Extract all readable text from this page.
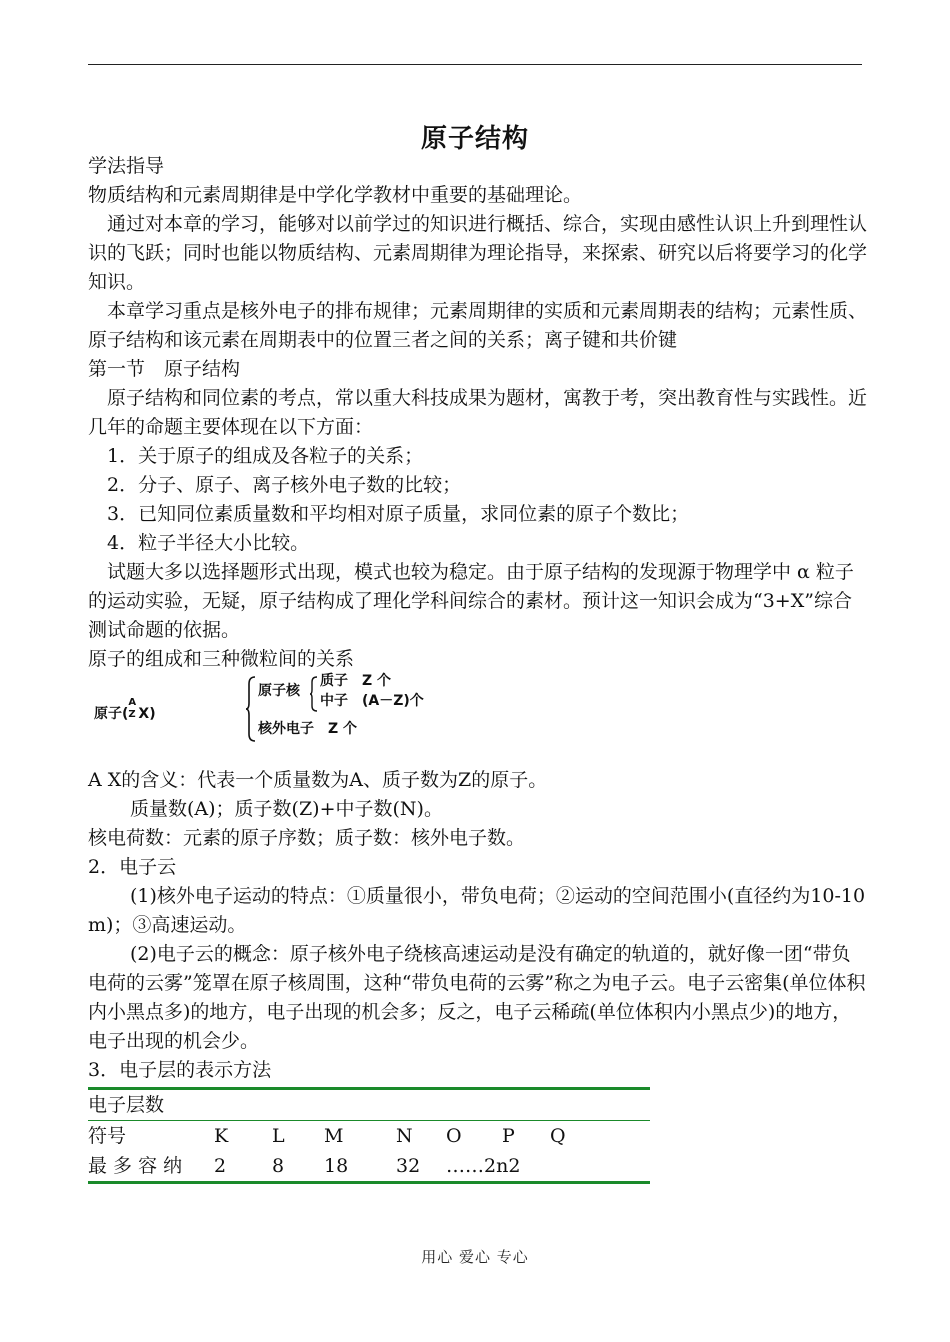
原子结构

学法指导

物质结构和元素周期律是中学化学教材中重要的基础理论。

通过对本章的学习，能够对以前学过的知识进行概括、综合，实现由感性认识上升到理性认识的飞跃；同时也能以物质结构、元素周期律为理论指导，来探索、研究以后将要学习的化学知识。

本章学习重点是核外电子的排布规律；元素周期律的实质和元素周期表的结构；元素性质、原子结构和该元素在周期表中的位置三者之间的关系；离子键和共价键

第一节　原子结构

原子结构和同位素的考点，常以重大科技成果为题材，寓教于考，突出教育性与实践性。近几年的命题主要体现在以下方面：

1．关于原子的组成及各粒子的关系；

2．分子、原子、离子核外电子数的比较；

3．已知同位素质量数和平均相对原子质量，求同位素的原子个数比；

4．粒子半径大小比较。

试题大多以选择题形式出现，模式也较为稳定。由于原子结构的发现源于物理学中 α 粒子的运动实验，无疑，原子结构成了理化学科间综合的素材。预计这一知识会成为“3+X”综合测试命题的依据。

原子的组成和三种微粒间的关系

原子(
A
Z X)
原子核
质子　Z 个
中子　(A－Z)个
核外电子　Z 个

A X的含义：代表一个质量数为A、质子数为Z的原子。

质量数(A)；质子数(Z)+中子数(N)。

核电荷数：元素的原子序数；质子数：核外电子数。

2．电子云

(1)核外电子运动的特点：①质量很小，带负电荷；②运动的空间范围小(直径约为10-10 m)；③高速运动。

(2)电子云的概念：原子核外电子绕核高速运动是没有确定的轨道的，就好像一团“带负电荷的云雾”笼罩在原子核周围，这种“带负电荷的云雾”称之为电子云。电子云密集(单位体积内小黑点多)的地方，电子出现的机会多；反之，电子云稀疏(单位体积内小黑点少)的地方，电子出现的机会少。

3．电子层的表示方法

电子层数							
符号	K	L	M	N	O	P	Q
最 多 容 纳	2	8	18	32	……2n2		
用心 爱心 专心
